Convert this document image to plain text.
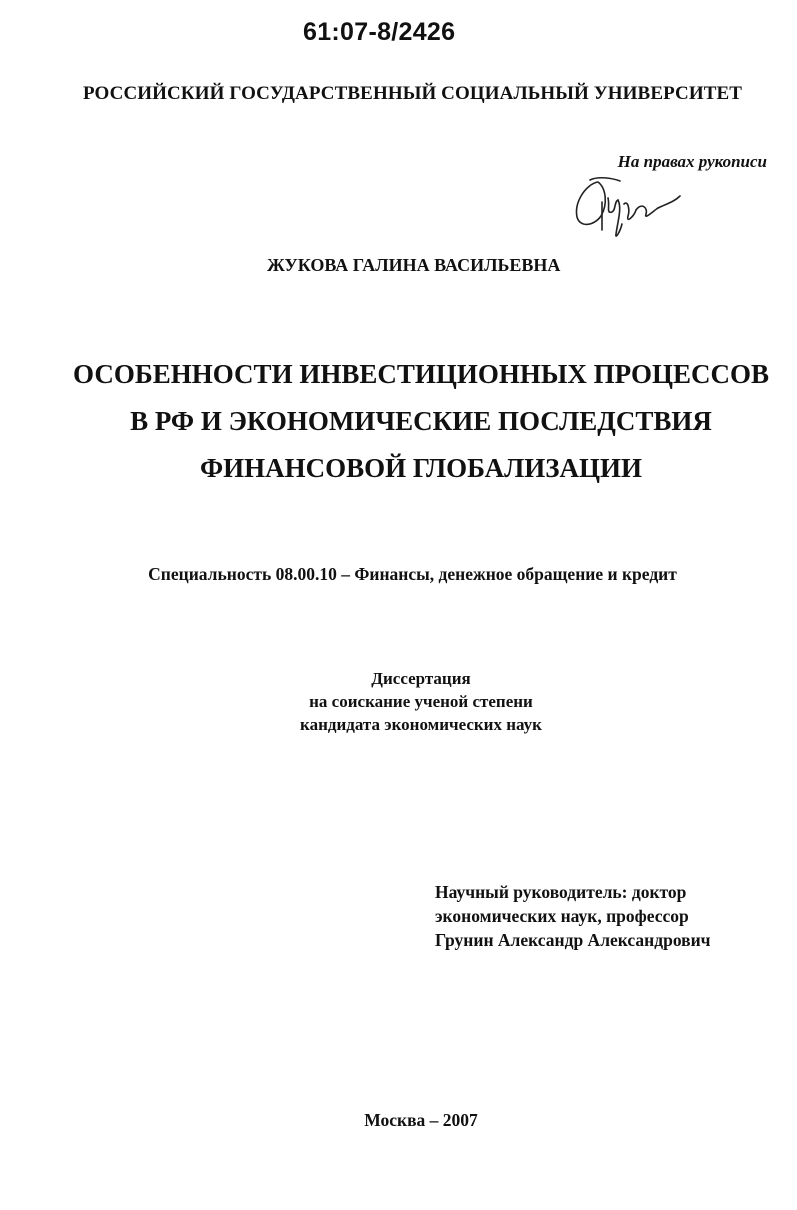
61:07-8/2426
РОССИЙСКИЙ ГОСУДАРСТВЕННЫЙ СОЦИАЛЬНЫЙ УНИВЕРСИТЕТ
На правах рукописи
ЖУКОВА ГАЛИНА ВАСИЛЬЕВНА
ОСОБЕННОСТИ ИНВЕСТИЦИОННЫХ ПРОЦЕССОВ
В РФ И ЭКОНОМИЧЕСКИЕ ПОСЛЕДСТВИЯ
ФИНАНСОВОЙ ГЛОБАЛИЗАЦИИ
Специальность 08.00.10 – Финансы, денежное обращение и кредит
Диссертация
на соискание ученой степени
кандидата экономических наук
Научный руководитель: доктор
экономических наук, профессор
Грунин Александр Александрович
Москва – 2007
